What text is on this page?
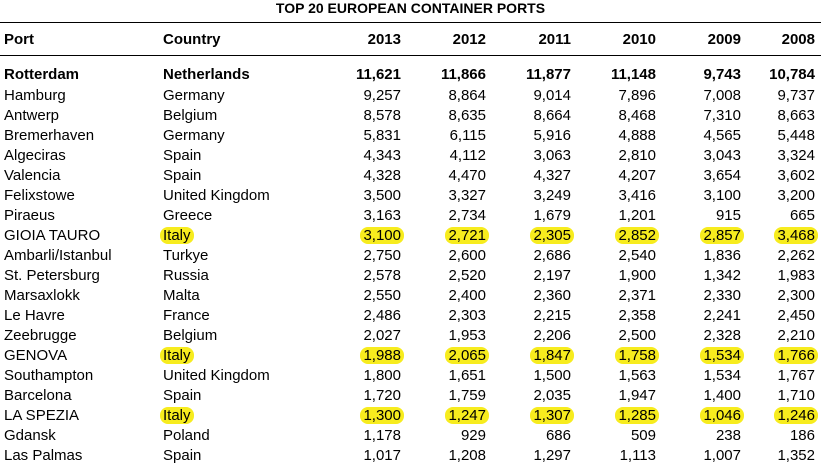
TOP 20 EUROPEAN CONTAINER PORTS
Port	Country	2013	2012	2011	2010	2009	2008
Rotterdam	Netherlands	11,621	11,866	11,877	11,148	9,743	10,784
Hamburg	Germany	9,257	8,864	9,014	7,896	7,008	9,737
Antwerp	Belgium	8,578	8,635	8,664	8,468	7,310	8,663
Bremerhaven	Germany	5,831	6,115	5,916	4,888	4,565	5,448
Algeciras	Spain	4,343	4,112	3,063	2,810	3,043	3,324
Valencia	Spain	4,328	4,470	4,327	4,207	3,654	3,602
Felixstowe	United Kingdom	3,500	3,327	3,249	3,416	3,100	3,200
Piraeus	Greece	3,163	2,734	1,679	1,201	915	665
GIOIA TAURO	Italy	3,100	2,721	2,305	2,852	2,857	3,468
Ambarli/Istanbul	Turkye	2,750	2,600	2,686	2,540	1,836	2,262
St. Petersburg	Russia	2,578	2,520	2,197	1,900	1,342	1,983
Marsaxlokk	Malta	2,550	2,400	2,360	2,371	2,330	2,300
Le Havre	France	2,486	2,303	2,215	2,358	2,241	2,450
Zeebrugge	Belgium	2,027	1,953	2,206	2,500	2,328	2,210
GENOVA	Italy	1,988	2,065	1,847	1,758	1,534	1,766
Southampton	United Kingdom	1,800	1,651	1,500	1,563	1,534	1,767
Barcelona	Spain	1,720	1,759	2,035	1,947	1,400	1,710
LA SPEZIA	Italy	1,300	1,247	1,307	1,285	1,046	1,246
Gdansk	Poland	1,178	929	686	509	238	186
Las Palmas	Spain	1,017	1,208	1,297	1,113	1,007	1,352
